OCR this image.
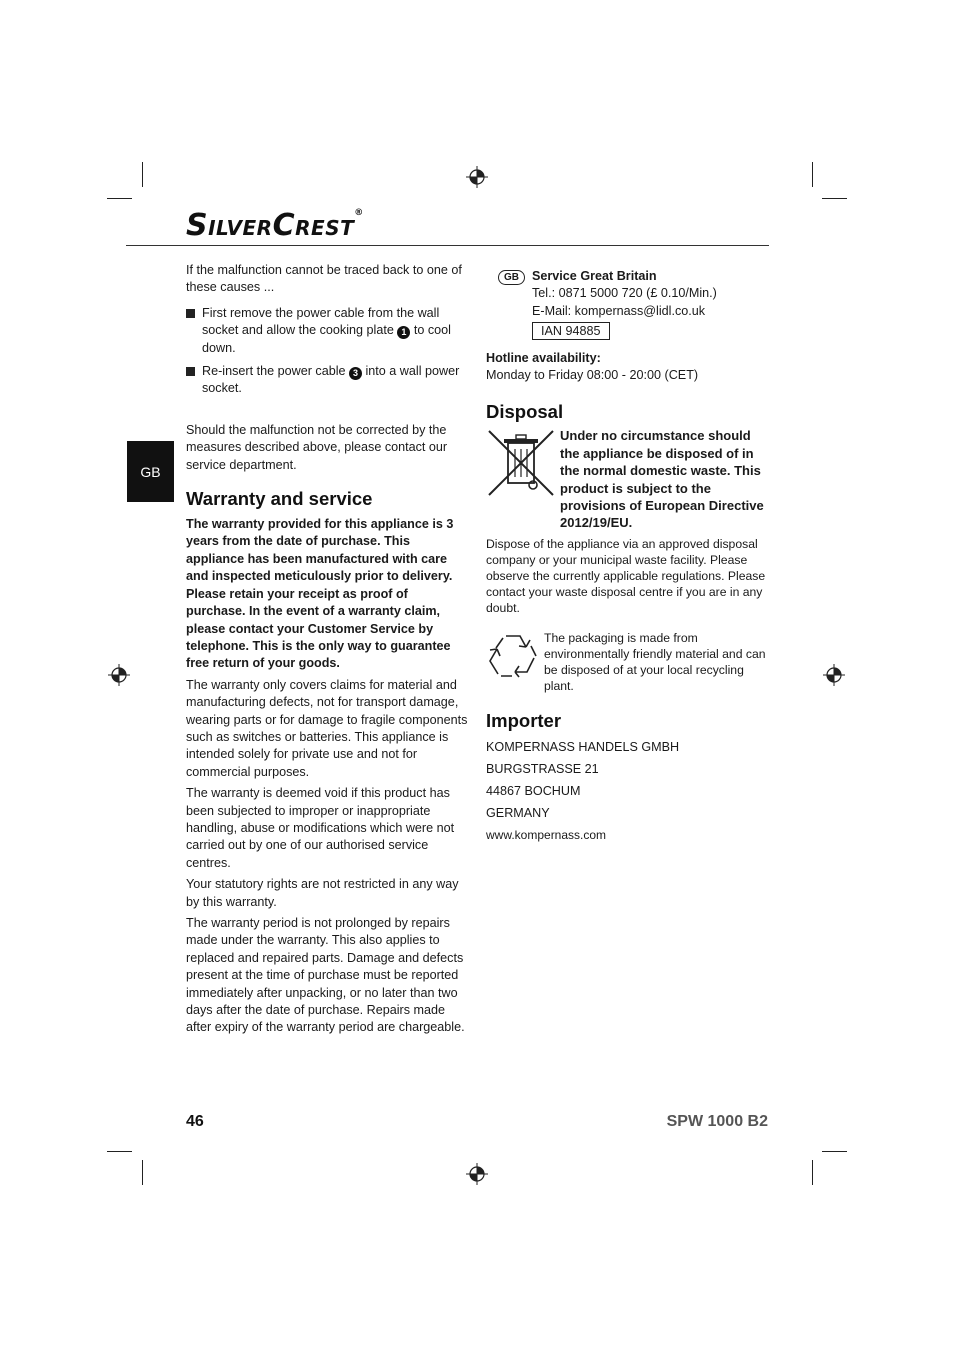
SILVERCREST®
GB

If the malfunction cannot be traced back to one of these causes ...

First remove the power cable from the wall socket and allow the cooking plate 1 to cool down.
Re-insert the power cable 3 into a wall power socket.

Should the malfunction not be corrected by the measures described above, please contact our service department.

Warranty and service

The warranty provided for this appliance is 3 years from the date of purchase. This appliance has been manufactured with care and inspected meticulously prior to delivery. Please retain your receipt as proof of purchase. In the event of a warranty claim, please contact your Customer Service by telephone. This is the only way to guarantee free return of your goods.

The warranty only covers claims for material and manufacturing defects, not for transport damage, wearing parts or for damage to fragile components such as switches or batteries. This appliance is intended solely for private use and not for commercial purposes.

The warranty is deemed void if this product has been subjected to improper or inappropriate handling, abuse or modifications which were not carried out by one of our authorised service centres.

Your statutory rights are not restricted in any way by this warranty.

The warranty period is not prolonged by repairs made under the warranty. This also applies to replaced and repaired parts. Damage and defects present at the time of purchase must be reported immediately after unpacking, or no later than two days after the date of purchase. Repairs made after expiry of the warranty period are chargeable.

GB	Service Great Britain
Tel.: 0871 5000 720 (£ 0.10/Min.)
E-Mail: kompernass@lidl.co.uk
IAN 94885
Hotline availability:
Monday to Friday 08:00 - 20:00 (CET)
Disposal

Under no circumstance should the appliance be disposed of in the normal domestic waste. This product is subject to the provisions of European Directive 2012/19/EU.

Dispose of the appliance via an approved disposal company or your municipal waste facility. Please observe the currently applicable regulations. Please contact your waste disposal centre if you are in any doubt.

The packaging is made from environmentally friendly material and can be disposed of at your local recycling plant.

Importer
KOMPERNASS HANDELS GMBH
BURGSTRASSE 21
44867 BOCHUM
GERMANY
www.kompernass.com
46	SPW 1000 B2
